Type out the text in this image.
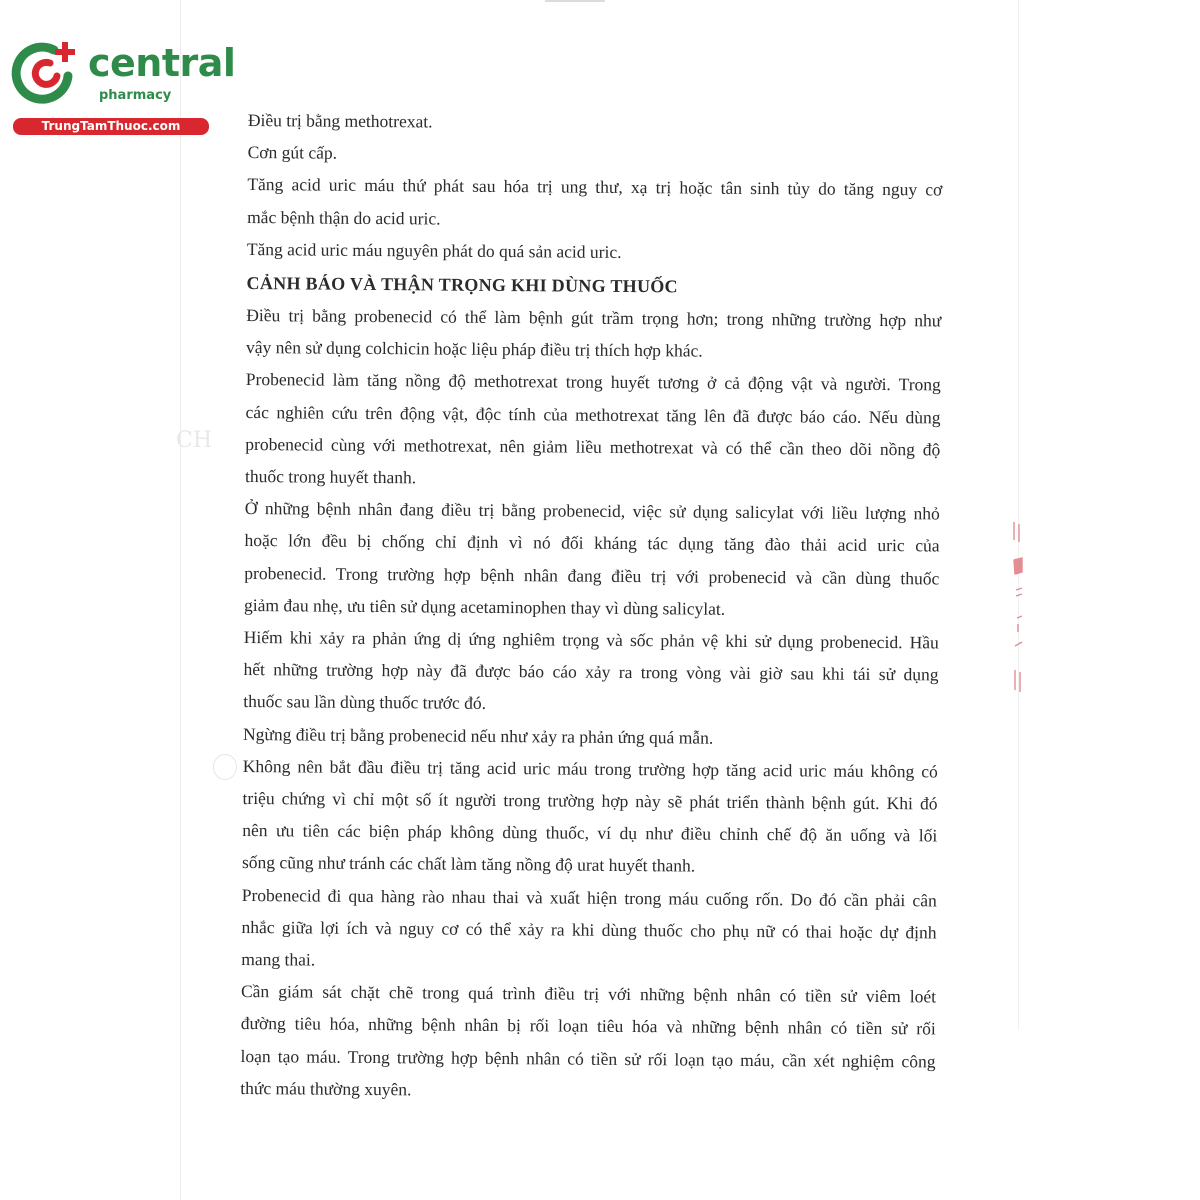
CH
central
pharmacy
TrungTamThuoc.com	Điều trị bằng methotrexat.

Cơn gút cấp.

Tăng acid uric máu thứ phát sau hóa trị ung thư, xạ trị hoặc tân sinh tủy do tăng nguy cơ

mắc bệnh thận do acid uric.

Tăng acid uric máu nguyên phát do quá sản acid uric.

CẢNH BÁO VÀ THẬN TRỌNG KHI DÙNG THUỐC

Điều trị bằng probenecid có thể làm bệnh gút trầm trọng hơn; trong những trường hợp như

vậy nên sử dụng colchicin hoặc liệu pháp điều trị thích hợp khác.

Probenecid làm tăng nồng độ methotrexat trong huyết tương ở cả động vật và người. Trong

các nghiên cứu trên động vật, độc tính của methotrexat tăng lên đã được báo cáo. Nếu dùng

probenecid cùng với methotrexat, nên giảm liều methotrexat và có thể cần theo dõi nồng độ

thuốc trong huyết thanh.

Ở những bệnh nhân đang điều trị bằng probenecid, việc sử dụng salicylat với liều lượng nhỏ

hoặc lớn đều bị chống chỉ định vì nó đối kháng tác dụng tăng đào thải acid uric của

probenecid. Trong trường hợp bệnh nhân đang điều trị với probenecid và cần dùng thuốc

giảm đau nhẹ, ưu tiên sử dụng acetaminophen thay vì dùng salicylat.

Hiếm khi xảy ra phản ứng dị ứng nghiêm trọng và sốc phản vệ khi sử dụng probenecid. Hầu

hết những trường hợp này đã được báo cáo xảy ra trong vòng vài giờ sau khi tái sử dụng

thuốc sau lần dùng thuốc trước đó.

Ngừng điều trị bằng probenecid nếu như xảy ra phản ứng quá mẫn.

Không nên bắt đầu điều trị tăng acid uric máu trong trường hợp tăng acid uric máu không có

triệu chứng vì chỉ một số ít người trong trường hợp này sẽ phát triển thành bệnh gút. Khi đó

nên ưu tiên các biện pháp không dùng thuốc, ví dụ như điều chỉnh chế độ ăn uống và lối

sống cũng như tránh các chất làm tăng nồng độ urat huyết thanh.

Probenecid đi qua hàng rào nhau thai và xuất hiện trong máu cuống rốn. Do đó cần phải cân

nhắc giữa lợi ích và nguy cơ có thể xảy ra khi dùng thuốc cho phụ nữ có thai hoặc dự định

mang thai.

Cần giám sát chặt chẽ trong quá trình điều trị với những bệnh nhân có tiền sử viêm loét

đường tiêu hóa, những bệnh nhân bị rối loạn tiêu hóa và những bệnh nhân có tiền sử rối

loạn tạo máu. Trong trường hợp bệnh nhân có tiền sử rối loạn tạo máu, cần xét nghiệm công

thức máu thường xuyên.
